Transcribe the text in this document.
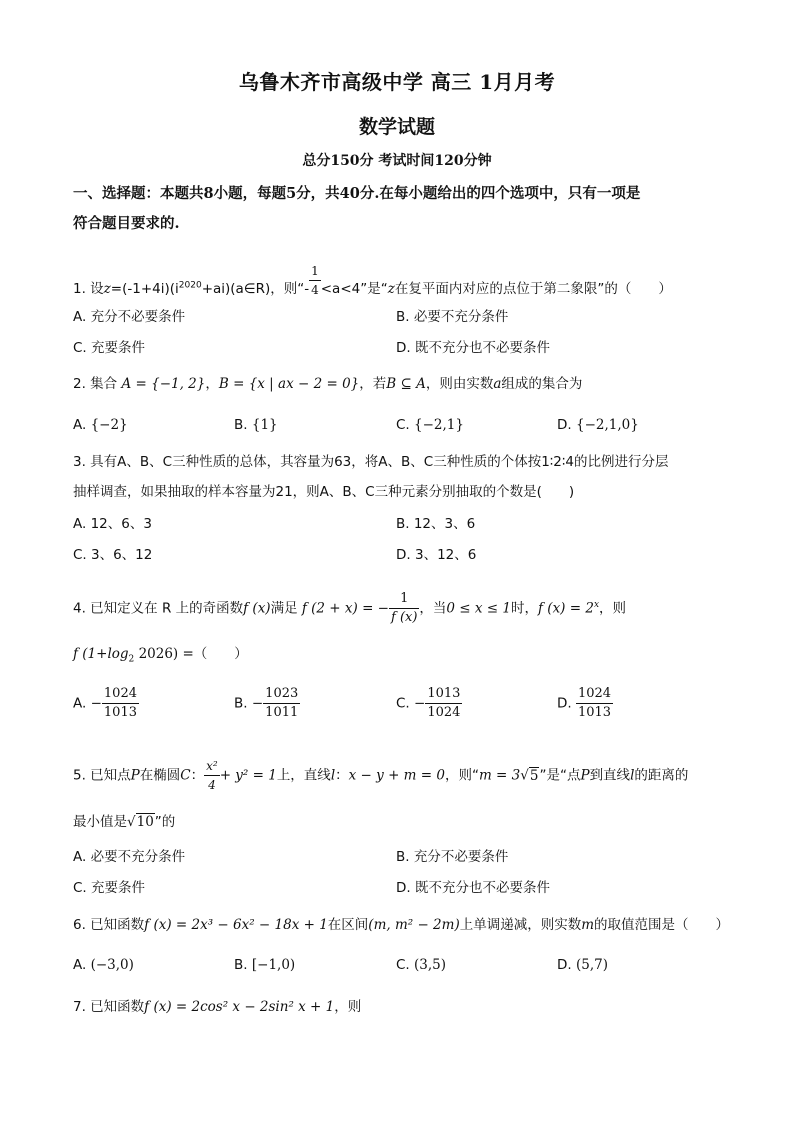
乌鲁木齐市高级中学 高三 1月月考
数学试题
总分150分 考试时间120分钟
一、选择题：本题共8小题，每题5分，共40分.在每小题给出的四个选项中，只有一项是
符合题目要求的.
1. 设$z=(-1+4i)(i^{2020}+ai)(a\in R)$，则“- $\frac{1}{4} <a<4$”是“z在复平面内对应的点位于第二象限”的（　　）
A. 充分不必要条件	B. 必要不充分条件
C. 充要条件	D. 既不充分也不必要条件
2. 集合 A = {−1, 2}，B = {x | ax − 2 = 0}，若B ⊆ A，则由实数a组成的集合为
A. {−2}	B. {1}	C. {−2,1}	D. {−2,1,0}
3. 具有A、B、C三种性质的总体，其容量为63，将A、B、C三种性质的个体按1∶2∶4的比例进行分层
抽样调查，如果抽取的样本容量为21，则A、B、C三种元素分别抽取的个数是(　　)
A. 12、6、3	B. 12、3、6
C. 3、6、12	D. 3、12、6
4. 已知定义在 R 上的奇函数f (x)满足 f (2 + x) = − $\frac{1}{f (x)}$ ，当0 ≤ x ≤ 1时，f $(x) = 2^x$，则
f ($1+\log_2$ 2026) =（　　）
A. − $\frac{1024}{1013}$	B. − $\frac{1023}{1011}$	C. − $\frac{1013}{1024}$	D. $\frac{1024}{1013}$
5. 已知点P在椭圆C： $\frac{\text{x²}}{4} + y^2 = 1$上，直线l：x − y + m = 0，则“m = 3√5”是“点P到直线l的距离的
最小值是√10”的
A. 必要不充分条件	B. 充分不必要条件
C. 充要条件	D. 既不充分也不必要条件
6. 已知函数f (x) = 2x³ − 6x² − 18x + 1在区间(m, m² − 2m)上单调递减，则实数m的取值范围是（　　）
A. (−3,0)	B. [−1,0)	C. (3,5)	D. (5,7)
7. 已知函数f (x) = 2cos² x − 2sin² x + 1，则
